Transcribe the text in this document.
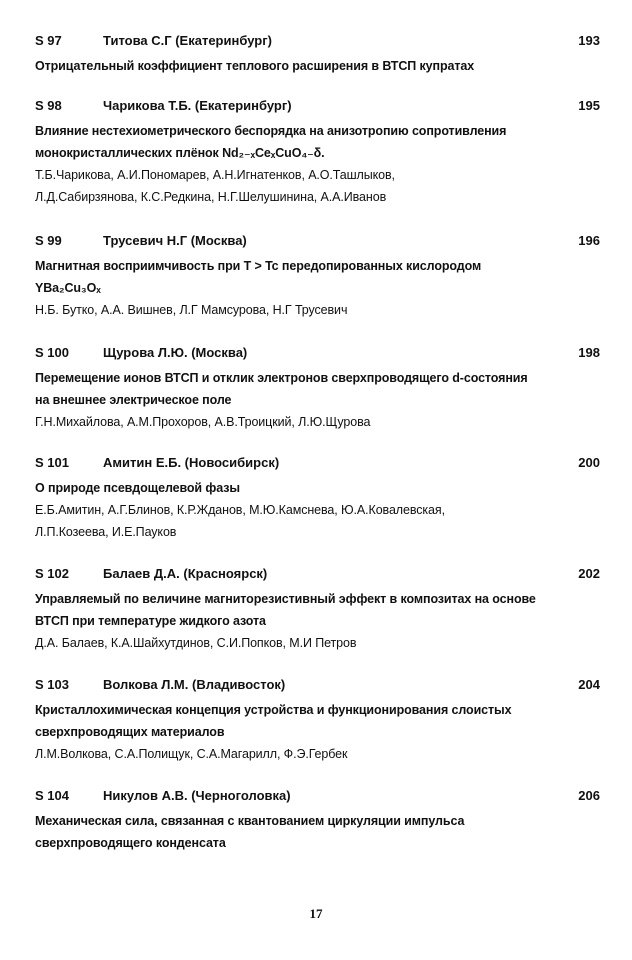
S 97	Титова С.Г (Екатеринбург)	193
Отрицательный коэффициент теплового расширения в ВТСП купратах
S 98	Чарикова Т.Б. (Екатеринбург)	195
Влияние нестехиометрического беспорядка на анизотропию сопротивления
монокристаллических плёнок Nd₂₋ₓCeₓCuO₄₋δ.
Т.Б.Чарикова, А.И.Пономарев, А.Н.Игнатенков, А.О.Ташлыков,
Л.Д.Сабирзянова, К.С.Редкина, Н.Г.Шелушинина, А.А.Иванов
S 99	Трусевич Н.Г (Москва)	196
Магнитная восприимчивость при T > Tc передопированных кислородом
YBa₂Cu₃Oₓ
Н.Б. Бутко, А.А. Вишнев, Л.Г Мамсурова, Н.Г Трусевич
S 100	Щурова Л.Ю. (Москва)	198
Перемещение ионов ВТСП и отклик электронов сверхпроводящего d-состояния
на внешнее электрическое поле
Г.Н.Михайлова, А.М.Прохоров, А.В.Троицкий, Л.Ю.Щурова
S 101	Амитин Е.Б. (Новосибирск)	200
О природе псевдощелевой фазы
Е.Б.Амитин, А.Г.Блинов, К.Р.Жданов, М.Ю.Камснева, Ю.А.Ковалевская,
Л.П.Козеева, И.Е.Пауков
S 102	Балаев Д.А. (Красноярск)	202
Управляемый по величине магниторезистивный эффект в композитах на основе
ВТСП при температуре жидкого азота
Д.А. Балаев, К.А.Шайхутдинов, С.И.Попков, М.И Петров
S 103	Волкова Л.М. (Владивосток)	204
Кристаллохимическая концепция устройства и функционирования слоистых
сверхпроводящих материалов
Л.М.Волкова, С.А.Полищук, С.А.Магарилл, Ф.Э.Гербек
S 104	Никулов А.В. (Черноголовка)	206
Механическая сила, связанная с квантованием циркуляции импульса
сверхпроводящего конденсата
17
